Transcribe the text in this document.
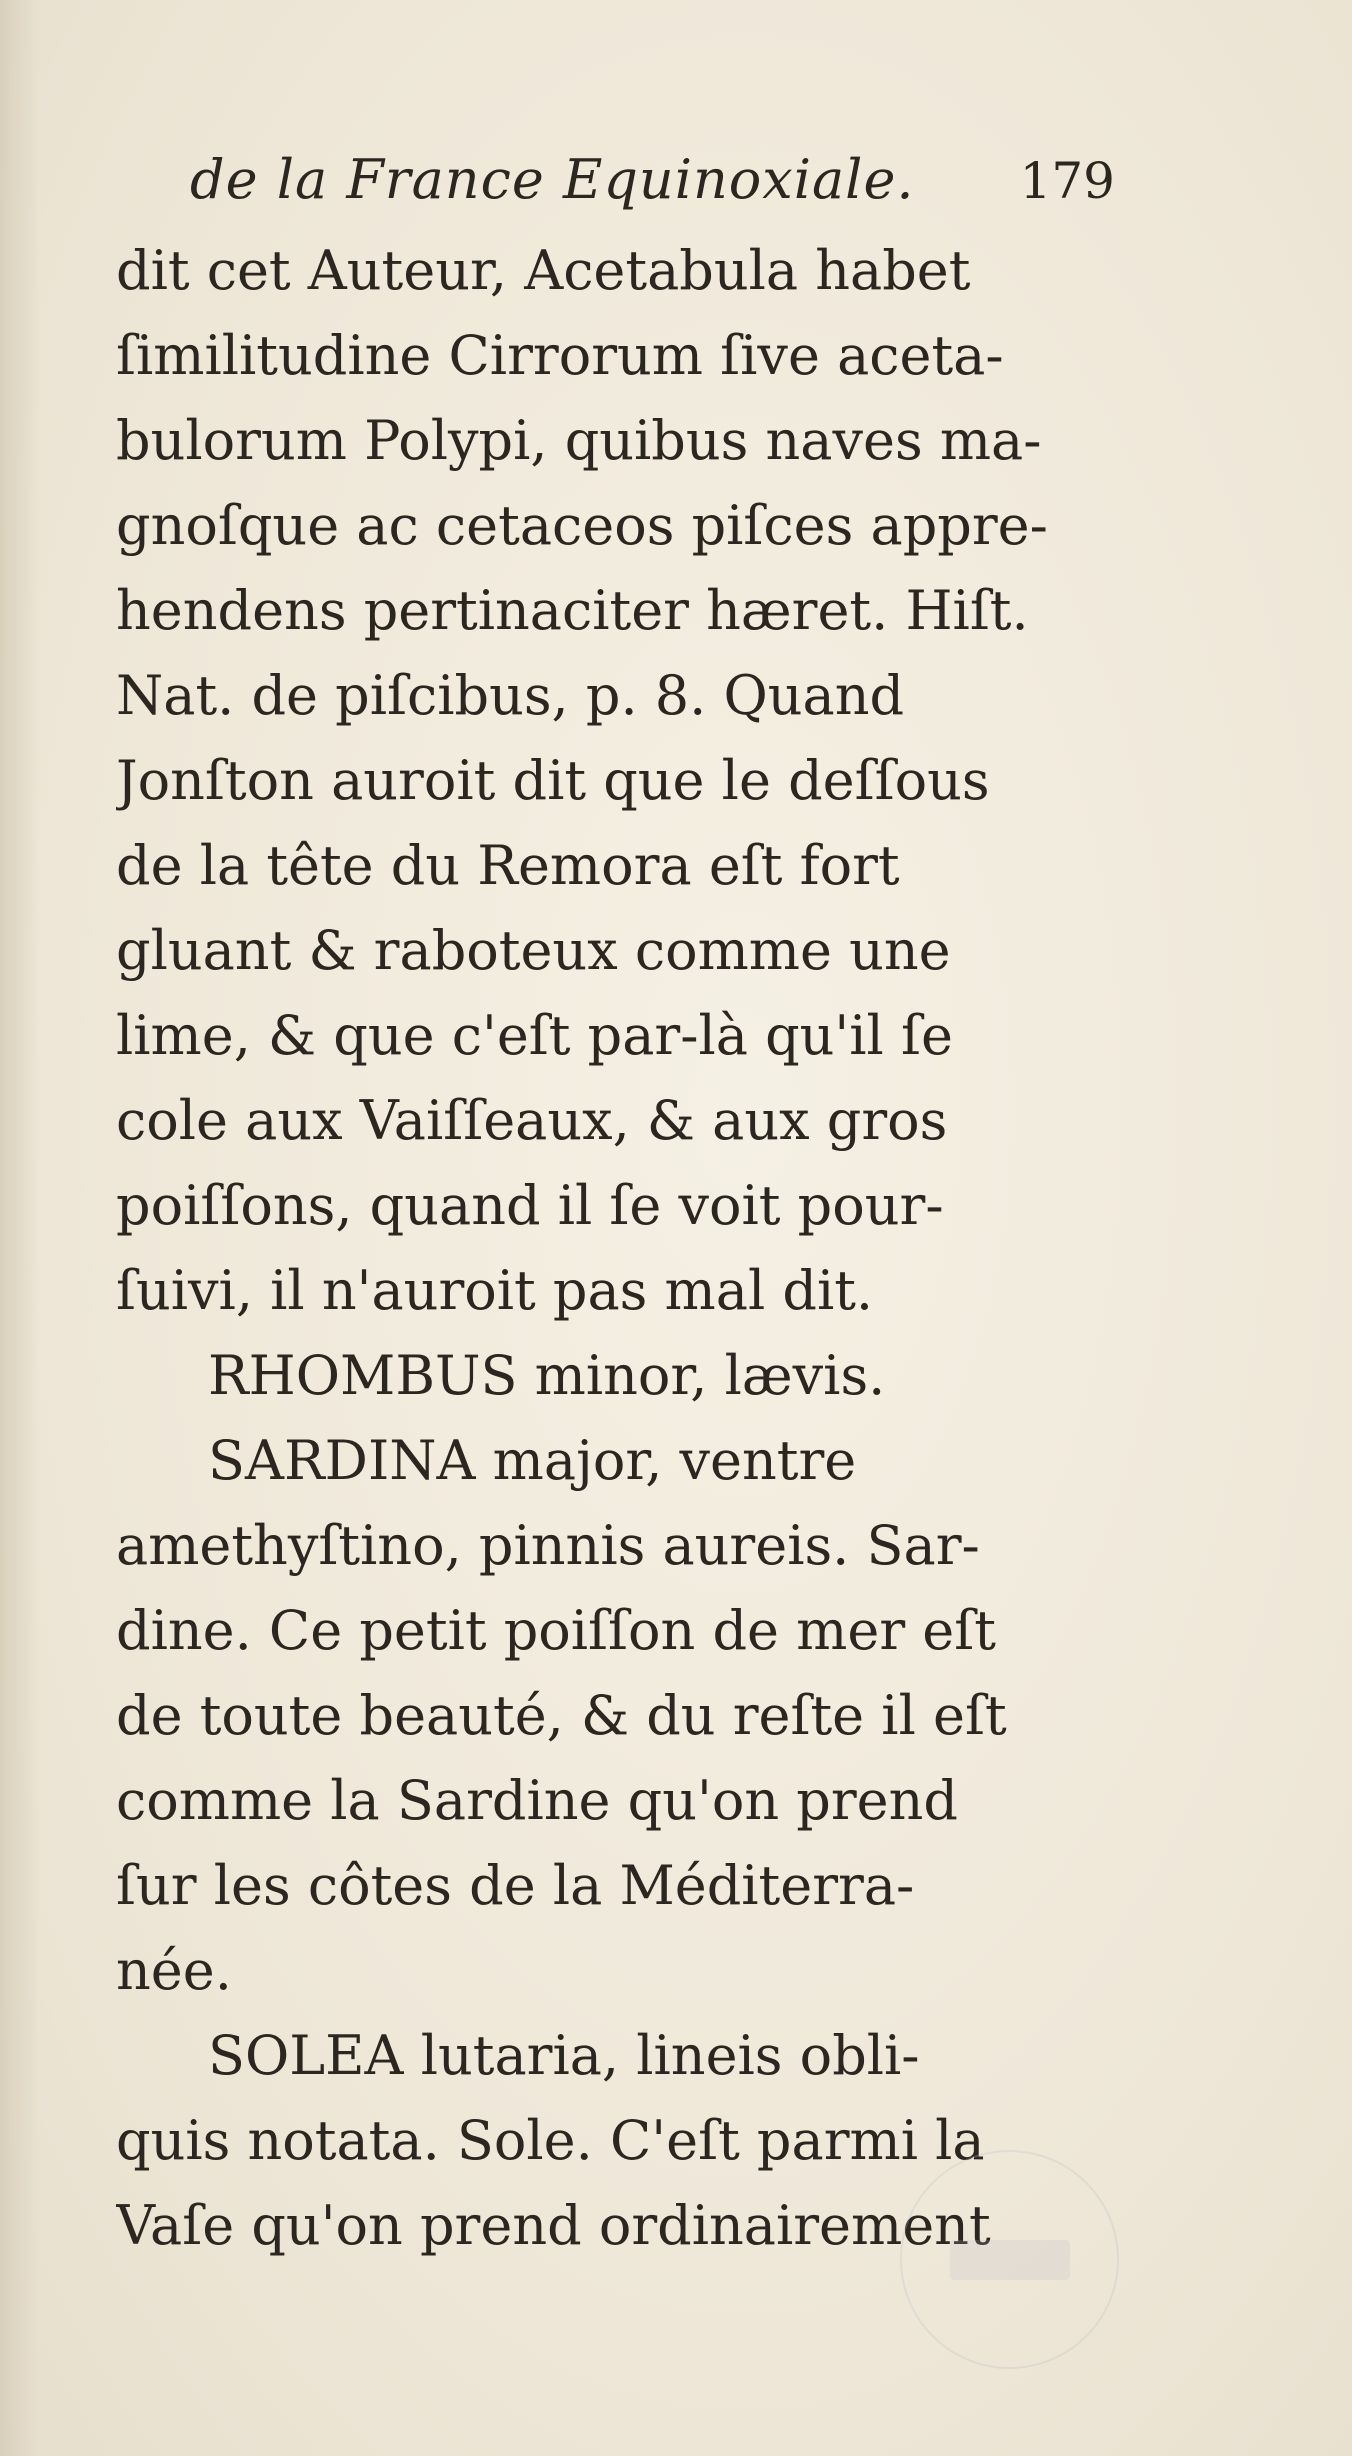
de la France Equinoxiale. 179
dit cet Auteur, Acetabula habet
ſimilitudine Cirrorum ſive aceta-
bulorum Polypi, quibus naves ma-
gnoſque ac cetaceos piſces appre-
hendens pertinaciter hæret. Hiſt.
Nat. de piſcibus, p. 8. Quand
Jonſton auroit dit que le deſſous
de la tête du Remora eſt fort
gluant & raboteux comme une
lime, & que c'eſt par-là qu'il ſe
cole aux Vaiſſeaux, & aux gros
poiſſons, quand il ſe voit pour-
ſuivi, il n'auroit pas mal dit.
RHOMBUS minor, lævis.
SARDINA major, ventre
amethyſtino, pinnis aureis. Sar-
dine. Ce petit poiſſon de mer eſt
de toute beauté, & du reſte il eſt
comme la Sardine qu'on prend
ſur les côtes de la Méditerra-
née.
SOLEA lutaria, lineis obli-
quis notata. Sole. C'eſt parmi la
Vaſe qu'on prend ordinairement
